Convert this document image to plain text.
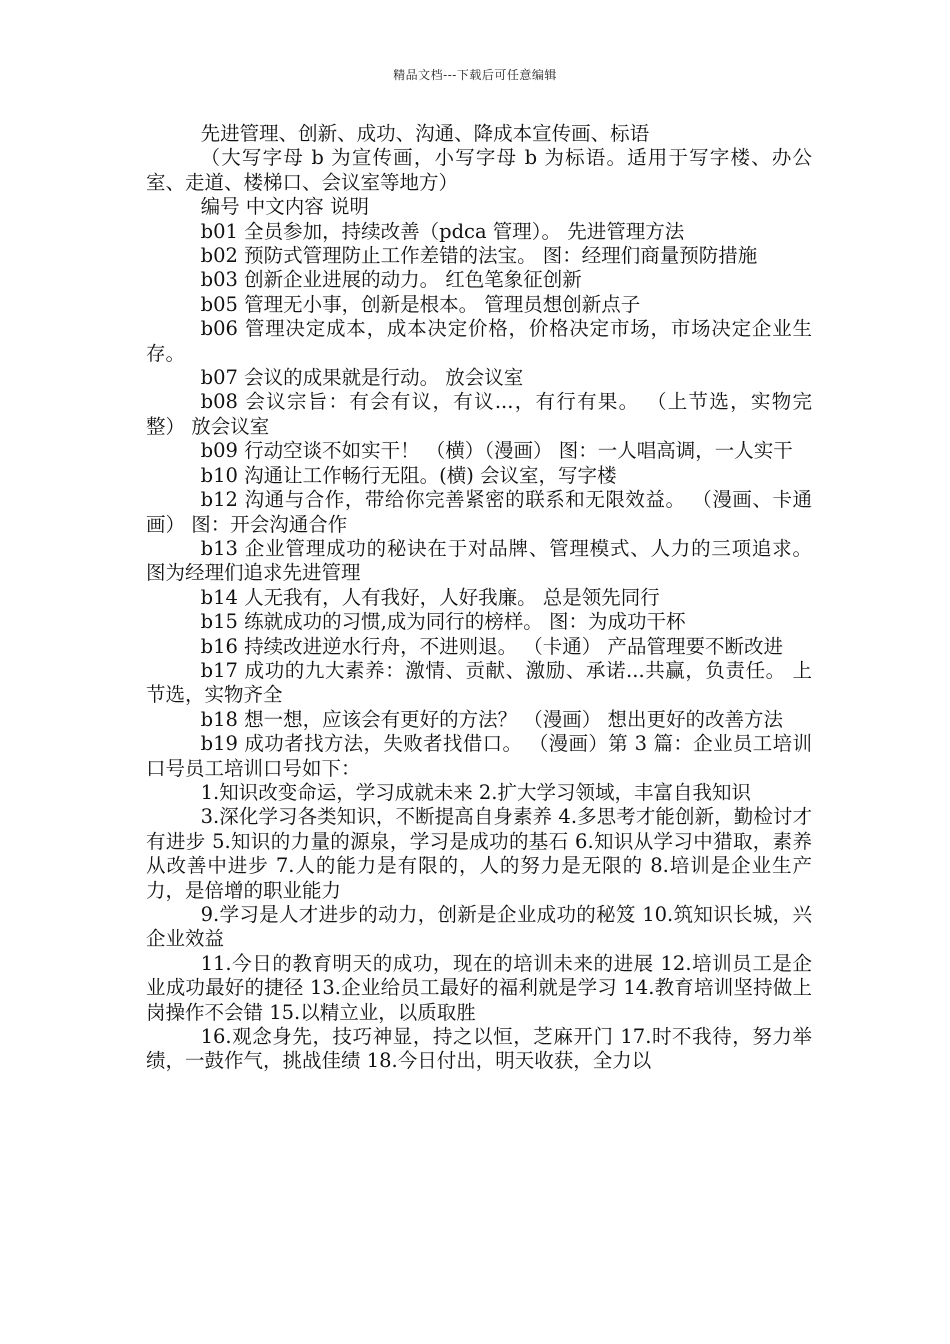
精品文档---下载后可任意编辑

先进管理、创新、成功、沟通、降成本宣传画、标语

（大写字母 b 为宣传画，小写字母 b 为标语。适用于写字楼、办公室、走道、楼梯口、会议室等地方）

编号 中文内容 说明

b01 全员参加，持续改善（pdca 管理）。 先进管理方法

b02 预防式管理防止工作差错的法宝。 图：经理们商量预防措施

b03 创新企业进展的动力。 红色笔象征创新

b05 管理无小事，创新是根本。 管理员想创新点子

b06 管理决定成本，成本决定价格，价格决定市场，市场决定企业生存。

b07 会议的成果就是行动。 放会议室

b08 会议宗旨：有会有议，有议...，有行有果。 （上节选，实物完整） 放会议室

b09 行动空谈不如实干！ （横）（漫画） 图：一人唱高调，一人实干

b10 沟通让工作畅行无阻。(横) 会议室，写字楼

b12 沟通与合作，带给你完善紧密的联系和无限效益。 （漫画、卡通画） 图：开会沟通合作

b13 企业管理成功的秘诀在于对品牌、管理模式、人力的三项追求。 图为经理们追求先进管理

b14 人无我有，人有我好，人好我廉。 总是领先同行

b15 练就成功的习惯,成为同行的榜样。 图：为成功干杯

b16 持续改进逆水行舟，不进则退。 （卡通） 产品管理要不断改进

b17 成功的九大素养：激情、贡献、激励、承诺...共赢，负责任。 上节选，实物齐全

b18 想一想，应该会有更好的方法？ （漫画） 想出更好的改善方法

b19 成功者找方法，失败者找借口。 （漫画）第 3 篇：企业员工培训口号员工培训口号如下：

1.知识改变命运，学习成就未来 2.扩大学习领域，丰富自我知识

3.深化学习各类知识，不断提高自身素养 4.多思考才能创新，勤检讨才有进步 5.知识的力量的源泉，学习是成功的基石 6.知识从学习中猎取，素养从改善中进步 7.人的能力是有限的，人的努力是无限的 8.培训是企业生产力，是倍增的职业能力

9.学习是人才进步的动力，创新是企业成功的秘笈 10.筑知识长城，兴企业效益

11.今日的教育明天的成功，现在的培训未来的进展 12.培训员工是企业成功最好的捷径 13.企业给员工最好的福利就是学习 14.教育培训坚持做上岗操作不会错 15.以精立业，以质取胜

16.观念身先，技巧神显，持之以恒，芝麻开门 17.时不我待，努力举绩，一鼓作气，挑战佳绩 18.今日付出，明天收获，全力以
